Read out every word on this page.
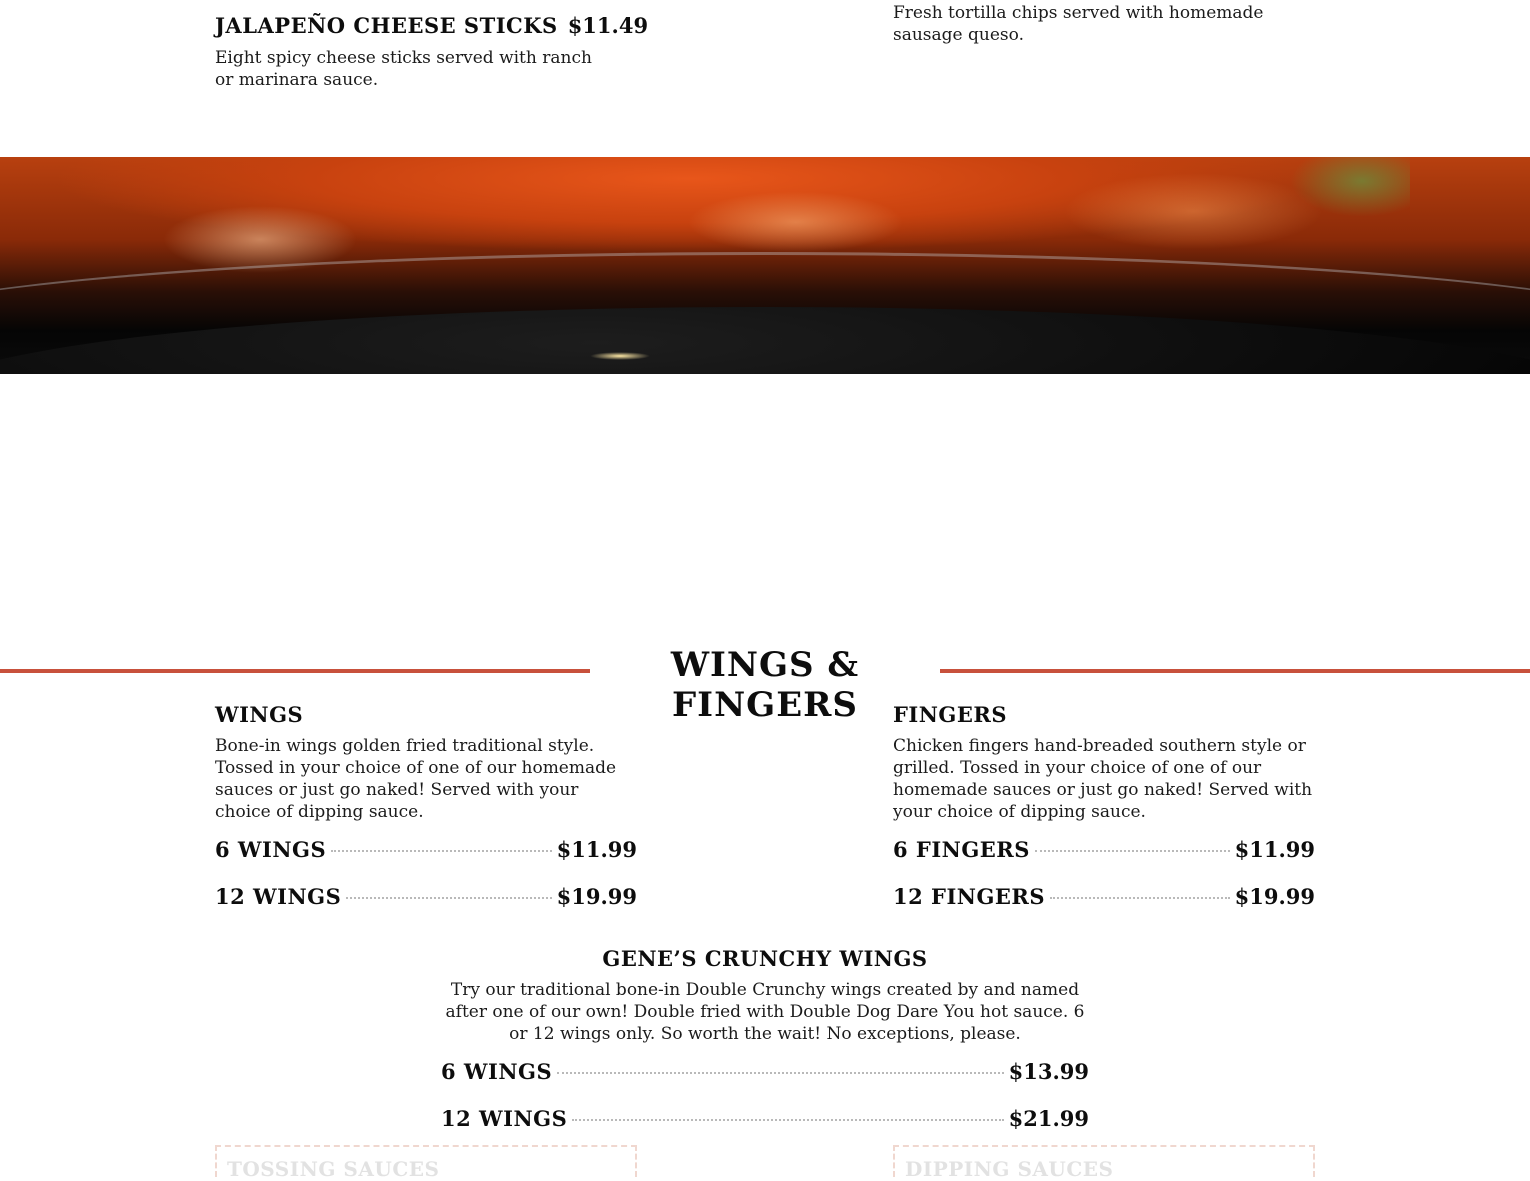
JALAPEÑO CHEESE STICKS $11.49
Eight spicy cheese sticks served with ranch or marinara sauce.
Fresh tortilla chips served with homemade sausage queso.
WINGS & FINGERS
WINGS
Bone-in wings golden fried traditional style. Tossed in your choice of one of our homemade sauces or just go naked! Served with your choice of dipping sauce.
6 WINGS	$11.99
12 WINGS	$19.99
FINGERS
Chicken fingers hand-breaded southern style or grilled. Tossed in your choice of one of our homemade sauces or just go naked! Served with your choice of dipping sauce.
6 FINGERS	$11.99
12 FINGERS	$19.99
GENE’S CRUNCHY WINGS
Try our traditional bone-in Double Crunchy wings created by and named after one of our own! Double fried with Double Dog Dare You hot sauce. 6 or 12 wings only. So worth the wait! No exceptions, please.
6 WINGS	$13.99
12 WINGS	$21.99
TOSSING SAUCES	DIPPING SAUCES
